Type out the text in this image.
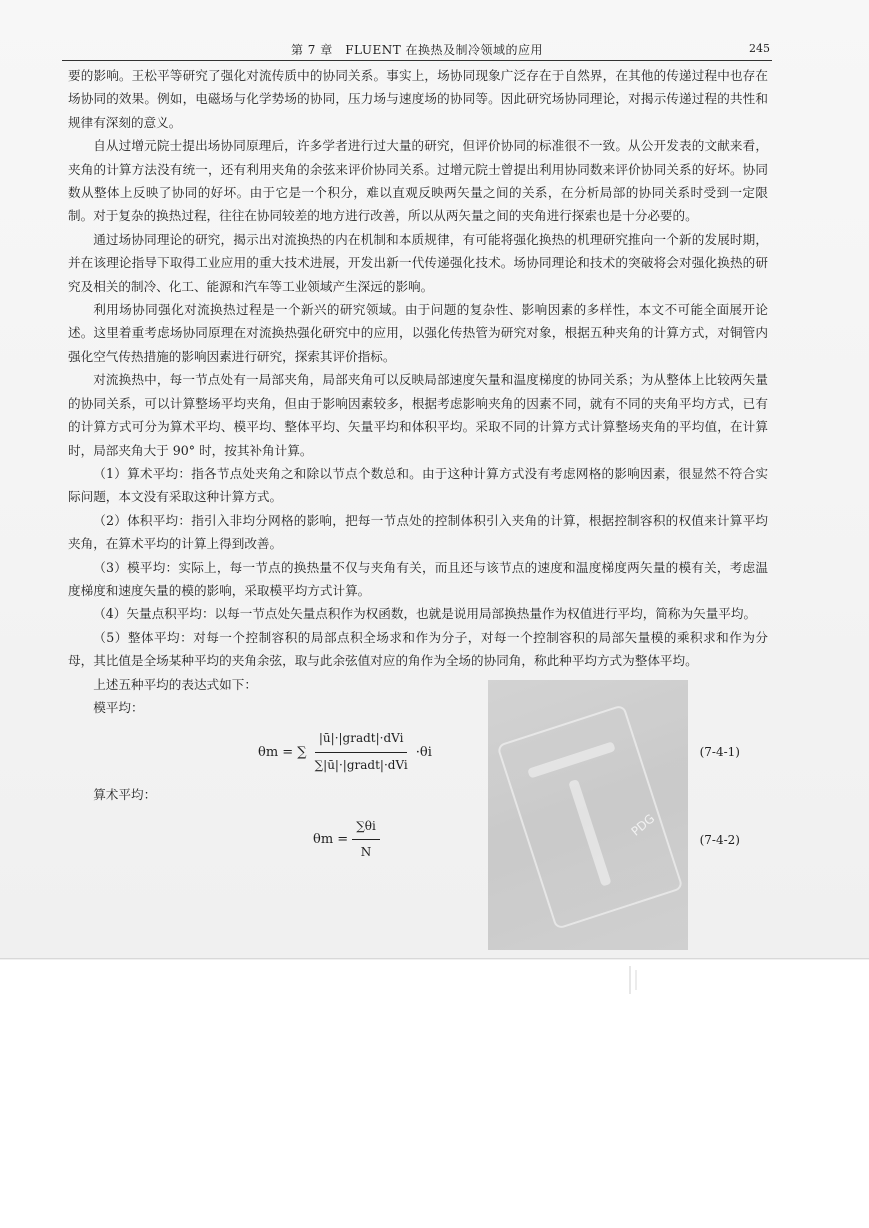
第 7 章　FLUENT 在换热及制冷领域的应用	245
PDG

要的影响。王松平等研究了强化对流传质中的协同关系。事实上，场协同现象广泛存在于自然界，在其他的传递过程中也存在场协同的效果。例如，电磁场与化学势场的协同，压力场与速度场的协同等。因此研究场协同理论，对揭示传递过程的共性和规律有深刻的意义。

自从过增元院士提出场协同原理后，许多学者进行过大量的研究，但评价协同的标准很不一致。从公开发表的文献来看，夹角的计算方法没有统一，还有利用夹角的余弦来评价协同关系。过增元院士曾提出利用协同数来评价协同关系的好坏。协同数从整体上反映了协同的好坏。由于它是一个积分，难以直观反映两矢量之间的关系，在分析局部的协同关系时受到一定限制。对于复杂的换热过程，往往在协同较差的地方进行改善，所以从两矢量之间的夹角进行探索也是十分必要的。

通过场协同理论的研究，揭示出对流换热的内在机制和本质规律，有可能将强化换热的机理研究推向一个新的发展时期，并在该理论指导下取得工业应用的重大技术进展，开发出新一代传递强化技术。场协同理论和技术的突破将会对强化换热的研究及相关的制冷、化工、能源和汽车等工业领域产生深远的影响。

利用场协同强化对流换热过程是一个新兴的研究领域。由于问题的复杂性、影响因素的多样性，本文不可能全面展开论述。这里着重考虑场协同原理在对流换热强化研究中的应用，以强化传热管为研究对象，根据五种夹角的计算方式，对铜管内强化空气传热措施的影响因素进行研究，探索其评价指标。

对流换热中，每一节点处有一局部夹角，局部夹角可以反映局部速度矢量和温度梯度的协同关系；为从整体上比较两矢量的协同关系，可以计算整场平均夹角，但由于影响因素较多，根据考虑影响夹角的因素不同，就有不同的夹角平均方式，已有的计算方式可分为算术平均、模平均、整体平均、矢量平均和体积平均。采取不同的计算方式计算整场夹角的平均值，在计算时，局部夹角大于 90° 时，按其补角计算。

（1）算术平均：指各节点处夹角之和除以节点个数总和。由于这种计算方式没有考虑网格的影响因素，很显然不符合实际问题，本文没有采取这种计算方式。

（2）体积平均：指引入非均分网格的影响，把每一节点处的控制体积引入夹角的计算，根据控制容积的权值来计算平均夹角，在算术平均的计算上得到改善。

（3）模平均：实际上，每一节点的换热量不仅与夹角有关，而且还与该节点的速度和温度梯度两矢量的模有关，考虑温度梯度和速度矢量的模的影响，采取模平均方式计算。

（4）矢量点积平均：以每一节点处矢量点积作为权函数，也就是说用局部换热量作为权值进行平均，简称为矢量平均。

（5）整体平均：对每一个控制容积的局部点积全场求和作为分子，对每一个控制容积的局部矢量模的乘积求和作为分母，其比值是全场某种平均的夹角余弦，取与此余弦值对应的角作为全场的协同角，称此种平均方式为整体平均。

上述五种平均的表达式如下：

模平均：

θm = ∑ $\frac{\text{|ū|·|gradt|·dVi}}{\text{∑|ū|·|gradt|·dVi}} \cdot\theta i$	(7-4-1)

算术平均：

$\theta m = \frac{\sum\theta i}{N}$	(7-4-2)
